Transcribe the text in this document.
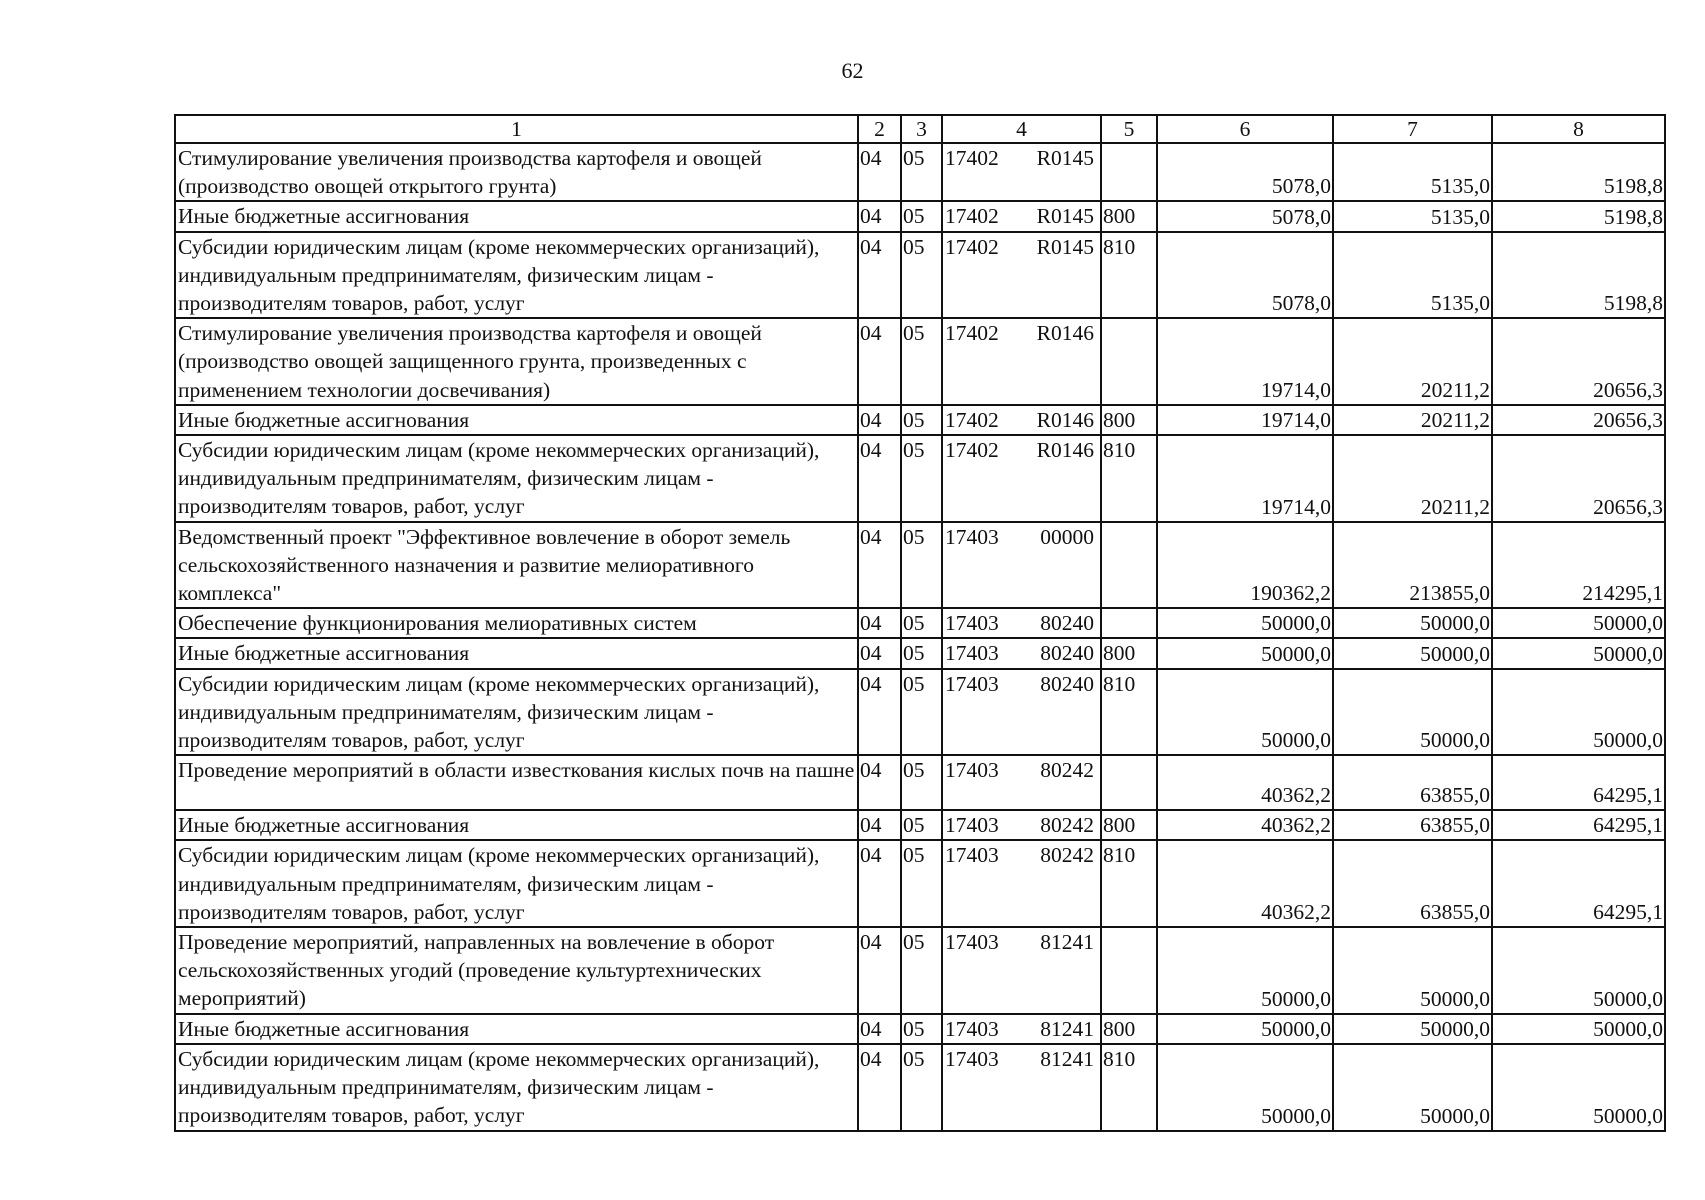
62
1	2	3	4		5	6	7	8
Стимулирование увеличения производства картофеля и овощей (производство овощей открытого грунта)	04	05	17402	R0145		5078,0	5135,0	5198,8
Иные бюджетные ассигнования	04	05	17402	R0145	800	5078,0	5135,0	5198,8
Субсидии юридическим лицам (кроме некоммерческих организаций), индивидуальным предпринимателям, физическим лицам - производителям товаров, работ, услуг	04	05	17402	R0145	810	5078,0	5135,0	5198,8
Стимулирование увеличения производства картофеля и овощей (производство овощей защищенного грунта, произведенных с применением технологии досвечивания)	04	05	17402	R0146		19714,0	20211,2	20656,3
Иные бюджетные ассигнования	04	05	17402	R0146	800	19714,0	20211,2	20656,3
Субсидии юридическим лицам (кроме некоммерческих организаций), индивидуальным предпринимателям, физическим лицам - производителям товаров, работ, услуг	04	05	17402	R0146	810	19714,0	20211,2	20656,3
Ведомственный проект "Эффективное вовлечение в оборот земель сельскохозяйственного назначения и развитие мелиоративного комплекса"	04	05	17403	00000		190362,2	213855,0	214295,1
Обеспечение функционирования мелиоративных систем	04	05	17403	80240		50000,0	50000,0	50000,0
Иные бюджетные ассигнования	04	05	17403	80240	800	50000,0	50000,0	50000,0
Субсидии юридическим лицам (кроме некоммерческих организаций), индивидуальным предпринимателям, физическим лицам - производителям товаров, работ, услуг	04	05	17403	80240	810	50000,0	50000,0	50000,0
Проведение мероприятий в области известкования кислых почв на пашне	04	05	17403	80242		40362,2	63855,0	64295,1
Иные бюджетные ассигнования	04	05	17403	80242	800	40362,2	63855,0	64295,1
Субсидии юридическим лицам (кроме некоммерческих организаций), индивидуальным предпринимателям, физическим лицам - производителям товаров, работ, услуг	04	05	17403	80242	810	40362,2	63855,0	64295,1
Проведение мероприятий, направленных на вовлечение в оборот сельскохозяйственных угодий (проведение культуртехнических мероприятий)	04	05	17403	81241		50000,0	50000,0	50000,0
Иные бюджетные ассигнования	04	05	17403	81241	800	50000,0	50000,0	50000,0
Субсидии юридическим лицам (кроме некоммерческих организаций), индивидуальным предпринимателям, физическим лицам - производителям товаров, работ, услуг	04	05	17403	81241	810	50000,0	50000,0	50000,0
